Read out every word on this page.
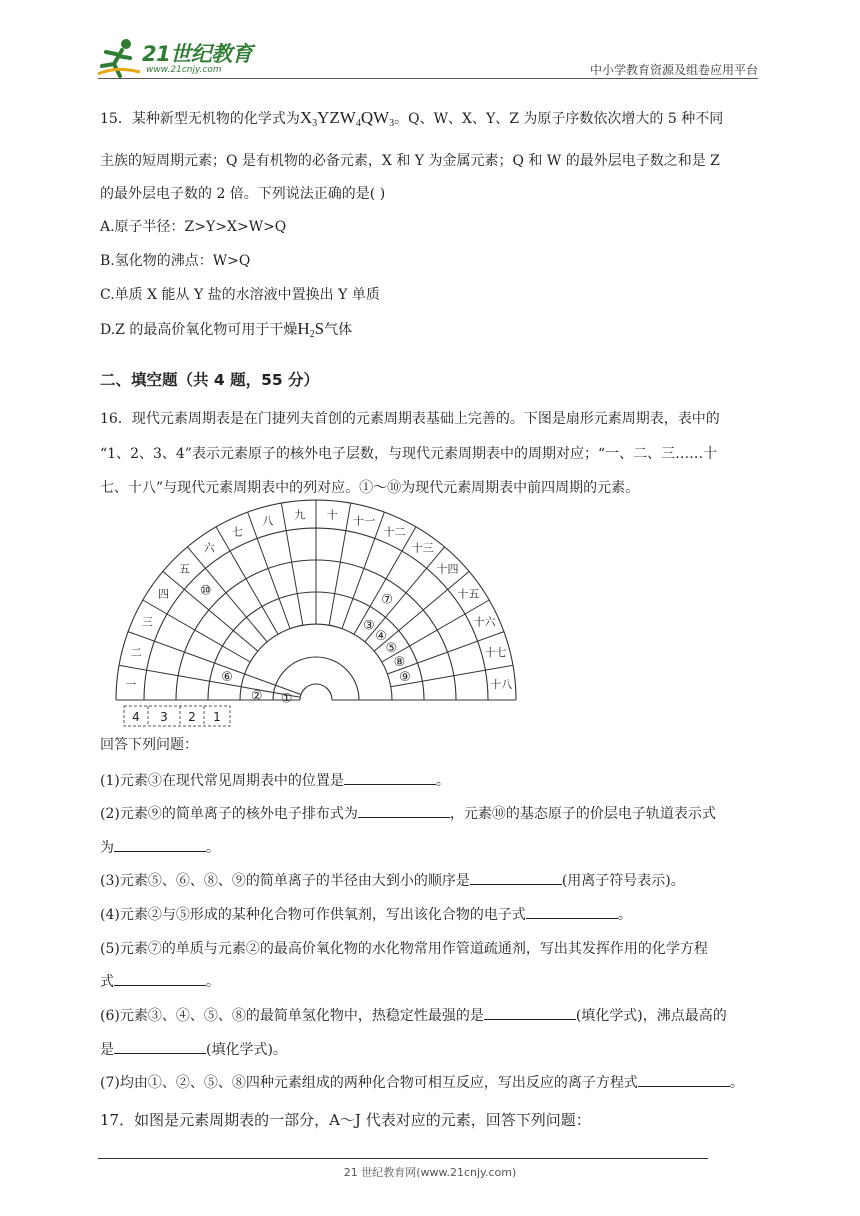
21世纪教育
www.21cnjy.com	中小学教育资源及组卷应用平台
15．某种新型无机物的化学式为$X_3YZW_4QW_3$。Q、W、X、Y、Z 为原子序数依次增大的 5 种不同
主族的短周期元素；Q 是有机物的必备元素，X 和 Y 为金属元素；Q 和 W 的最外层电子数之和是 Z
的最外层电子数的 2 倍。下列说法正确的是( )
A.原子半径：Z>Y>X>W>Q
B.氢化物的沸点：W>Q
C.单质 X 能从 Y 盐的水溶液中置换出 Y 单质
D.Z 的最高价氧化物可用于干燥$H_2S$气体
二、填空题（共 4 题，55 分）
16．现代元素周期表是在门捷列夫首创的元素周期表基础上完善的。下图是扇形元素周期表，表中的
“1、2、3、4”表示元素原子的核外电子层数，与现代元素周期表中的周期对应；“一、二、三……十
七、十八”与现代元素周期表中的列对应。①～⑩为现代元素周期表中前四周期的元素。
一
二
三
四
五
六
七
八 九 十 十一
十二
十三
十四
十五
十六
十七
十八
①
②
③
④
⑤
⑥
⑦
⑧
⑨
⑩
4 3 2 1
回答下列问题：
(1)元素③在现代常见周期表中的位置是	。
(2)元素⑨的简单离子的核外电子排布式为	，元素⑩的基态原子的价层电子轨道表示式
为	。
(3)元素⑤、⑥、⑧、⑨的简单离子的半径由大到小的顺序是	(用离子符号表示)。
(4)元素②与⑤形成的某种化合物可作供氧剂，写出该化合物的电子式	。
(5)元素⑦的单质与元素②的最高价氧化物的水化物常用作管道疏通剂，写出其发挥作用的化学方程
式	。
(6)元素③、④、⑤、⑧的最简单氢化物中，热稳定性最强的是	(填化学式)，沸点最高的
是	(填化学式)。
(7)均由①、②、⑤、⑧四种元素组成的两种化合物可相互反应，写出反应的离子方程式	。
17．如图是元素周期表的一部分，A～J 代表对应的元素，回答下列问题：
21 世纪教育网(www.21cnjy.com)
